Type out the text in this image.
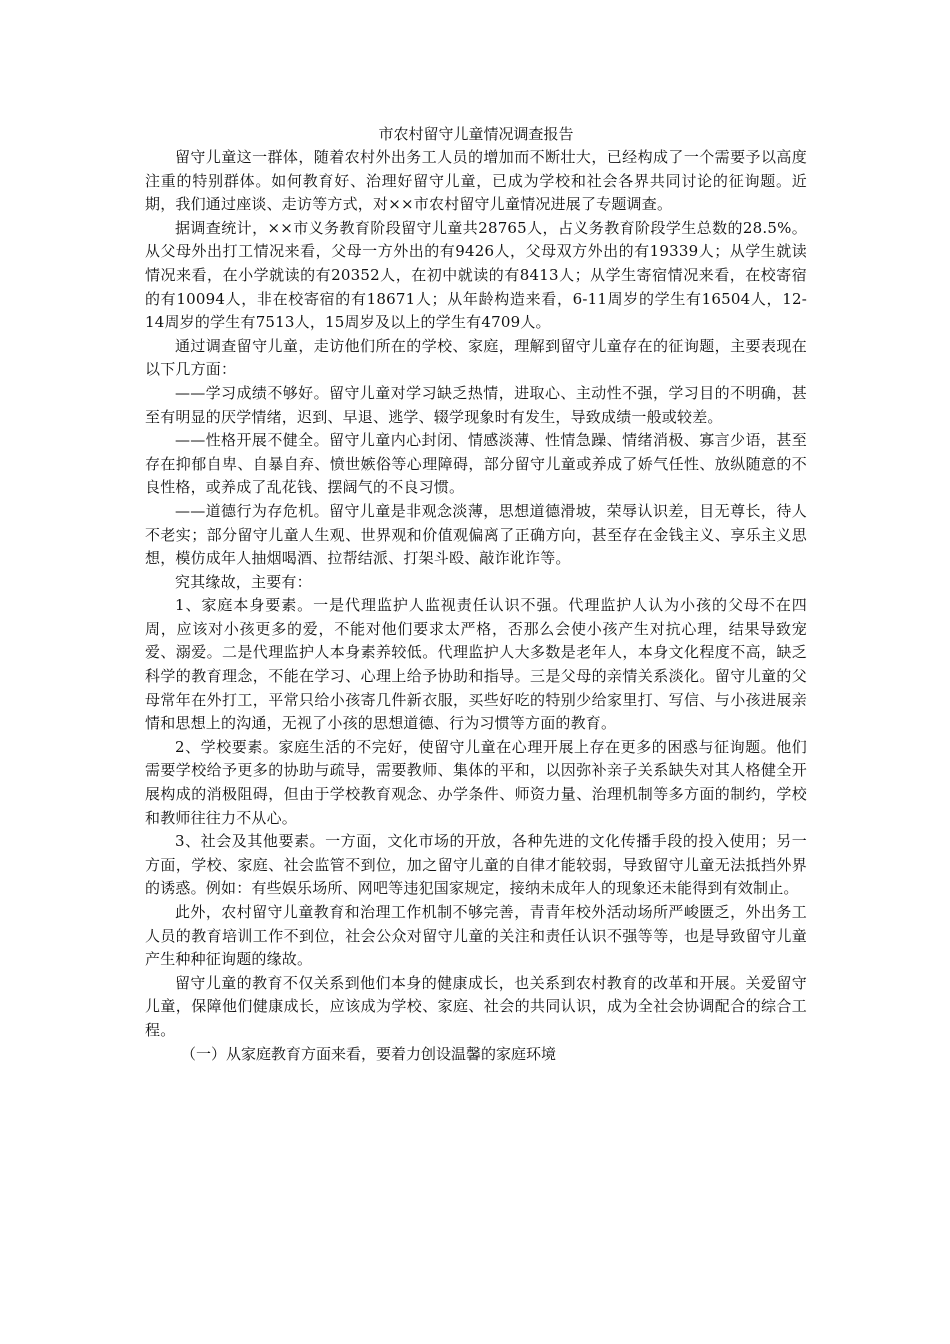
市农村留守儿童情况调查报告

留守儿童这一群体，随着农村外出务工人员的增加而不断壮大，已经构成了一个需要予以高度注重的特别群体。如何教育好、治理好留守儿童，已成为学校和社会各界共同讨论的征询题。近期，我们通过座谈、走访等方式，对××市农村留守儿童情况进展了专题调查。

据调查统计，××市义务教育阶段留守儿童共28765人，占义务教育阶段学生总数的28.5%。从父母外出打工情况来看，父母一方外出的有9426人，父母双方外出的有19339人；从学生就读情况来看，在小学就读的有20352人，在初中就读的有8413人；从学生寄宿情况来看，在校寄宿的有10094人，非在校寄宿的有18671人；从年龄构造来看，6-11周岁的学生有16504人，12-14周岁的学生有7513人，15周岁及以上的学生有4709人。

通过调查留守儿童，走访他们所在的学校、家庭，理解到留守儿童存在的征询题，主要表现在以下几方面：

——学习成绩不够好。留守儿童对学习缺乏热情，进取心、主动性不强，学习目的不明确，甚至有明显的厌学情绪，迟到、早退、逃学、辍学现象时有发生，导致成绩一般或较差。

——性格开展不健全。留守儿童内心封闭、情感淡薄、性情急躁、情绪消极、寡言少语，甚至存在抑郁自卑、自暴自弃、愤世嫉俗等心理障碍，部分留守儿童或养成了娇气任性、放纵随意的不良性格，或养成了乱花钱、摆阔气的不良习惯。

——道德行为存危机。留守儿童是非观念淡薄，思想道德滑坡，荣辱认识差，目无尊长，待人不老实；部分留守儿童人生观、世界观和价值观偏离了正确方向，甚至存在金钱主义、享乐主义思想，模仿成年人抽烟喝酒、拉帮结派、打架斗殴、敲诈讹诈等。

究其缘故，主要有：

1、家庭本身要素。一是代理监护人监视责任认识不强。代理监护人认为小孩的父母不在四周，应该对小孩更多的爱，不能对他们要求太严格，否那么会使小孩产生对抗心理，结果导致宠爱、溺爱。二是代理监护人本身素养较低。代理监护人大多数是老年人，本身文化程度不高，缺乏科学的教育理念，不能在学习、心理上给予协助和指导。三是父母的亲情关系淡化。留守儿童的父母常年在外打工，平常只给小孩寄几件新衣服，买些好吃的特别少给家里打、写信、与小孩进展亲情和思想上的沟通，无视了小孩的思想道德、行为习惯等方面的教育。

2、学校要素。家庭生活的不完好，使留守儿童在心理开展上存在更多的困惑与征询题。他们需要学校给予更多的协助与疏导，需要教师、集体的平和，以因弥补亲子关系缺失对其人格健全开展构成的消极阻碍，但由于学校教育观念、办学条件、师资力量、治理机制等多方面的制约，学校和教师往往力不从心。

3、社会及其他要素。一方面，文化市场的开放，各种先进的文化传播手段的投入使用；另一方面，学校、家庭、社会监管不到位，加之留守儿童的自律才能较弱，导致留守儿童无法抵挡外界的诱惑。例如：有些娱乐场所、网吧等违犯国家规定，接纳未成年人的现象还未能得到有效制止。

此外，农村留守儿童教育和治理工作机制不够完善，青青年校外活动场所严峻匮乏，外出务工人员的教育培训工作不到位，社会公众对留守儿童的关注和责任认识不强等等，也是导致留守儿童产生种种征询题的缘故。

留守儿童的教育不仅关系到他们本身的健康成长，也关系到农村教育的改革和开展。关爱留守儿童，保障他们健康成长，应该成为学校、家庭、社会的共同认识，成为全社会协调配合的综合工程。

（一）从家庭教育方面来看，要着力创设温馨的家庭环境
